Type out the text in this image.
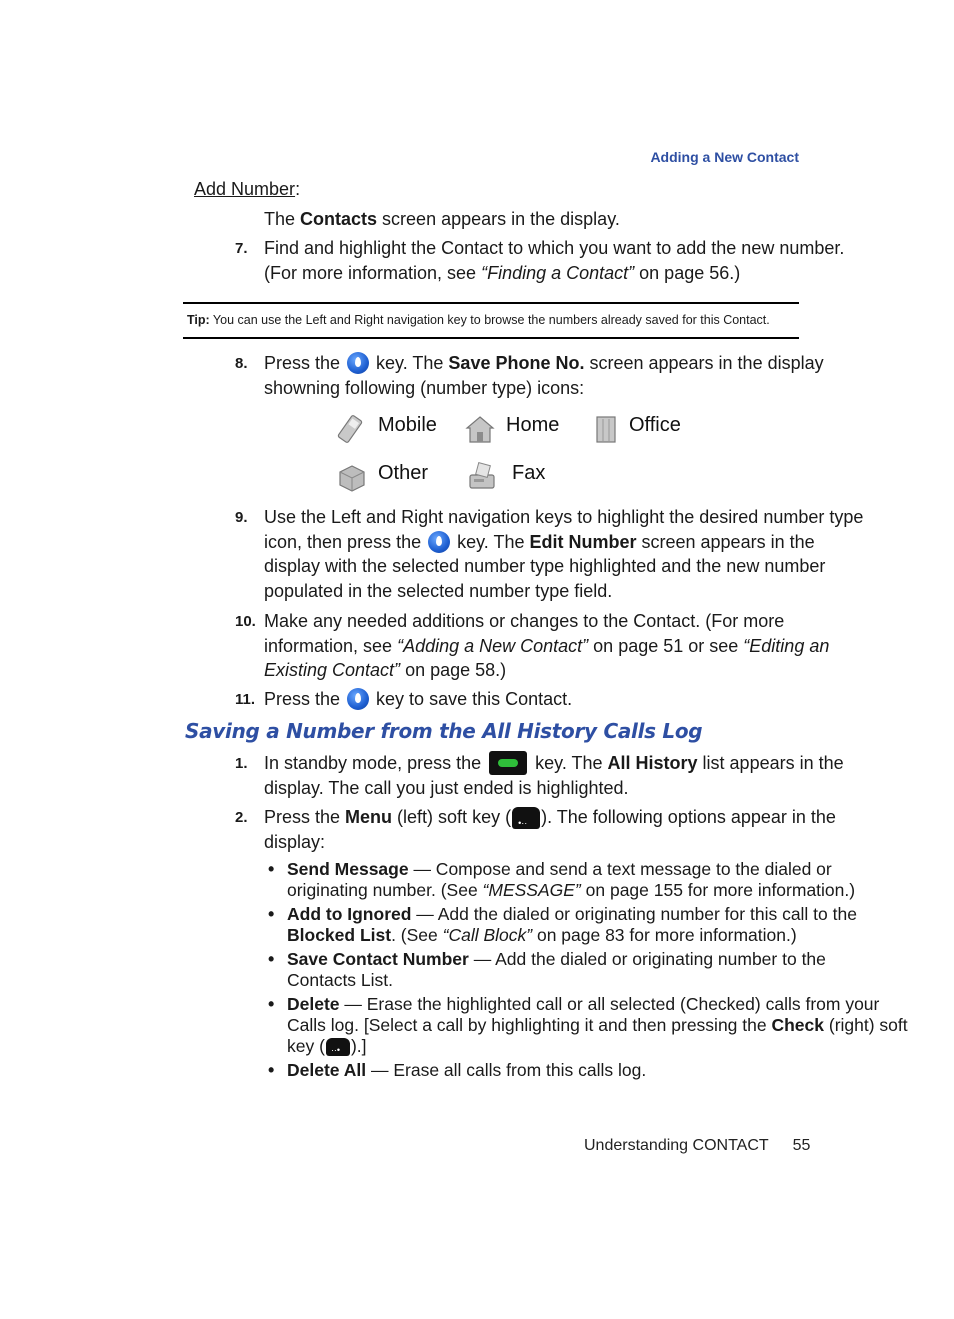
Adding a New Contact
Add Number:
The Contacts screen appears in the display.
7. Find and highlight the Contact to which you want to add the new number.
(For more information, see “Finding a Contact” on page 56.)
Tip: You can use the Left and Right navigation key to browse the numbers already saved for this Contact.
8. Press the  key. The Save Phone No. screen appears in the display
showning following (number type) icons:
Mobile	Home	Office
Other	Fax
9. Use the Left and Right navigation keys to highlight the desired number type
icon, then press the  key. The Edit Number screen appears in the
display with the selected number type highlighted and the new number
populated in the selected number type field.
10. Make any needed additions or changes to the Contact. (For more
information, see “Adding a New Contact” on page 51 or see “Editing an
Existing Contact” on page 58.)
11. Press the  key to save this Contact.
Saving a Number from the All History Calls Log
1. In standby mode, press the  key. The All History list appears in the
display. The call you just ended is highlighted.
2. Press the Menu (left) soft key ( •·· ). The following options appear in the
display:
• Send Message — Compose and send a text message to the dialed or
originating number. (See “MESSAGE” on page 155 for more information.)
• Add to Ignored — Add the dialed or originating number for this call to the
Blocked List. (See “Call Block” on page 83 for more information.)
• Save Contact Number — Add the dialed or originating number to the
Contacts List.
• Delete — Erase the highlighted call or all selected (Checked) calls from your
Calls log. [Select a call by highlighting it and then pressing the Check (right) soft
key ( ··• ).]
• Delete All — Erase all calls from this calls log.
Understanding CONTACT 55
